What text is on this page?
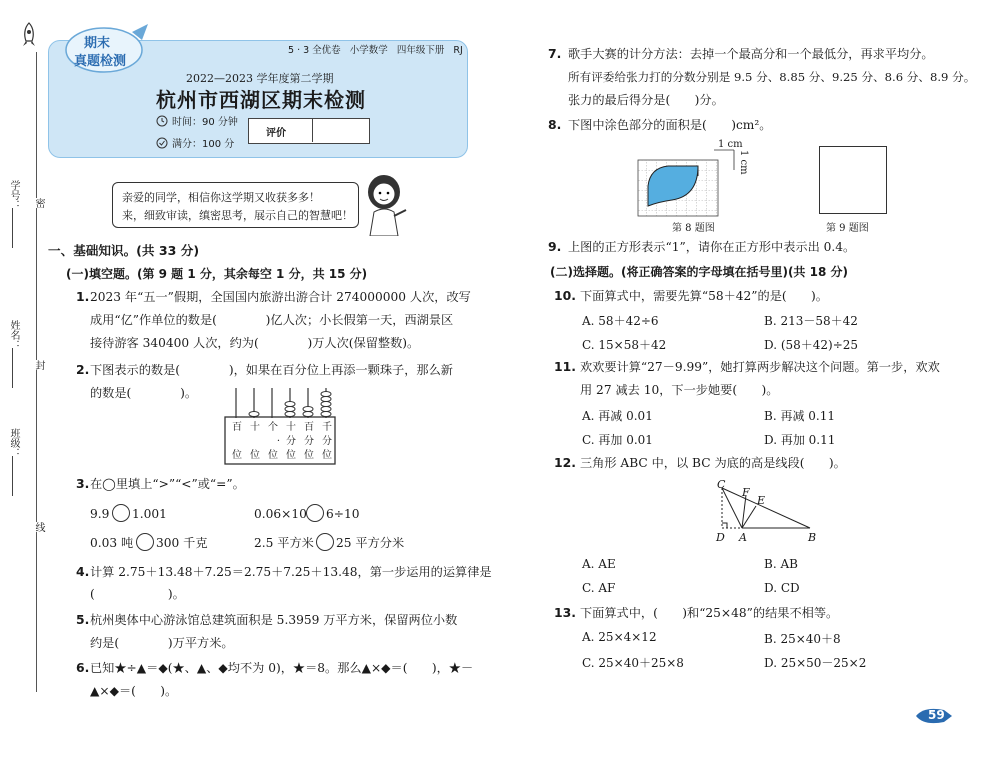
学号： 密
姓名：
封
班级：
线
期末
真题检测
5 · 3 全优卷 小学数学 四年级下册 RJ
2022—2023 学年度第二学期
杭州市西湖区期末检测
时间：90 分钟
满分：100 分
评价
亲爱的同学，相信你这学期又收获多多！
来，细致审读，缜密思考，展示自己的智慧吧！
一、基础知识。(共 33 分)
(一)填空题。(第 9 题 1 分，其余每空 1 分，共 15 分)
1. 2023 年“五一”假期，全国国内旅游出游合计 274000000 人次，改写
成用“亿”作单位的数是(　　　　)亿人次；小长假第一天，西湖景区
接待游客 340400 人次，约为(　　　　)万人次(保留整数)。
2. 下图表示的数是(　　　　)，如果在百分位上再添一颗珠子，那么新
的数是(　　　　)。
百

位
十

位
个
·
位
十
分
位
百
分
位
千
分
位
3. 在◯里填上“>”“<”或“=”。
9.9 1.001	0.06×10 6÷10
0.03 吨 300 千克	2.5 平方米 25 平方分米
4. 计算 2.75＋13.48＋7.25＝2.75＋7.25＋13.48，第一步运用的运算律是
(　　　　　　)。
5. 杭州奥体中心游泳馆总建筑面积是 5.3959 万平方米，保留两位小数
约是(　　　　)万平方米。
6. 已知★÷▲＝◆(★、▲、◆均不为 0)，★＝8。那么▲×◆＝(　　)，★－
▲×◆＝(　　)。
7. 歌手大赛的计分方法：去掉一个最高分和一个最低分，再求平均分。
所有评委给张力打的分数分别是 9.5 分、8.85 分、9.25 分、8.6 分、8.9 分。
张力的最后得分是(　　)分。
8. 下图中涂色部分的面积是(　　)cm²。
1 cm
1 cm
第 8 题图	第 9 题图
9. 上图的正方形表示“1”，请你在正方形中表示出 0.4。
(二)选择题。(将正确答案的字母填在括号里)(共 18 分)
10. 下面算式中，需要先算“58＋42”的是(　　)。
A. 58＋42÷6	B. 213－58＋42
C. 15×58＋42	D. (58＋42)÷25
11. 欢欢要计算“27－9.99”，她打算两步解决这个问题。第一步，欢欢
用 27 减去 10，下一步她要(　　)。
A. 再减 0.01	B. 再减 0.11
C. 再加 0.01	D. 再加 0.11
12. 三角形 ABC 中，以 BC 为底的高是线段(　　)。
C
F
E
D A	B
A. AE	B. AB
C. AF	D. CD
13. 下面算式中，(　　)和“25×48”的结果不相等。
A. 25×4×12	B. 25×40＋8
C. 25×40＋25×8	D. 25×50－25×2
59
